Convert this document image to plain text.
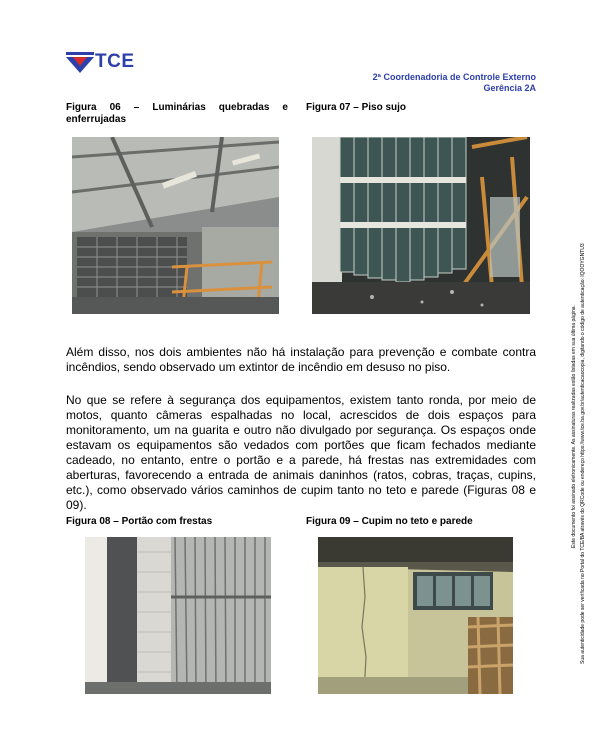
TCE
2ª Coordenadoria de Controle Externo
Gerência 2A
Figura 06 – Luminárias quebradas e enferrujadas
Figura 07 – Piso sujo
Além disso, nos dois ambientes não há instalação para prevenção e combate contra incêndios, sendo observado um extintor de incêndio em desuso no piso.
No que se refere à segurança dos equipamentos, existem tanto ronda, por meio de motos, quanto câmeras espalhadas no local, acrescidos de dois espaços para monitoramento, um na guarita e outro não divulgado por segurança. Os espaços onde estavam os equipamentos são vedados com portões que ficam fechados mediante cadeado, no entanto, entre o portão e a parede, há frestas nas extremidades com aberturas, favorecendo a entrada de animais daninhos (ratos, cobras, traças, cupins, etc.), como observado vários caminhos de cupim tanto no teto e parede (Figuras 08 e 09).
Figura 08 – Portão com frestas	Figura 09 – Cupim no teto e parede	Este documento foi assinado eletronicamente. As assinaturas realizadas estão listadas em sua última página. Sua autenticidade pode ser verificada no Portal do TCE/BA através do QRCode ou endereço https://www.tce.ba.gov.br/autenticacaocopia, digitando o código de autenticação: IQOOYGNTU3
